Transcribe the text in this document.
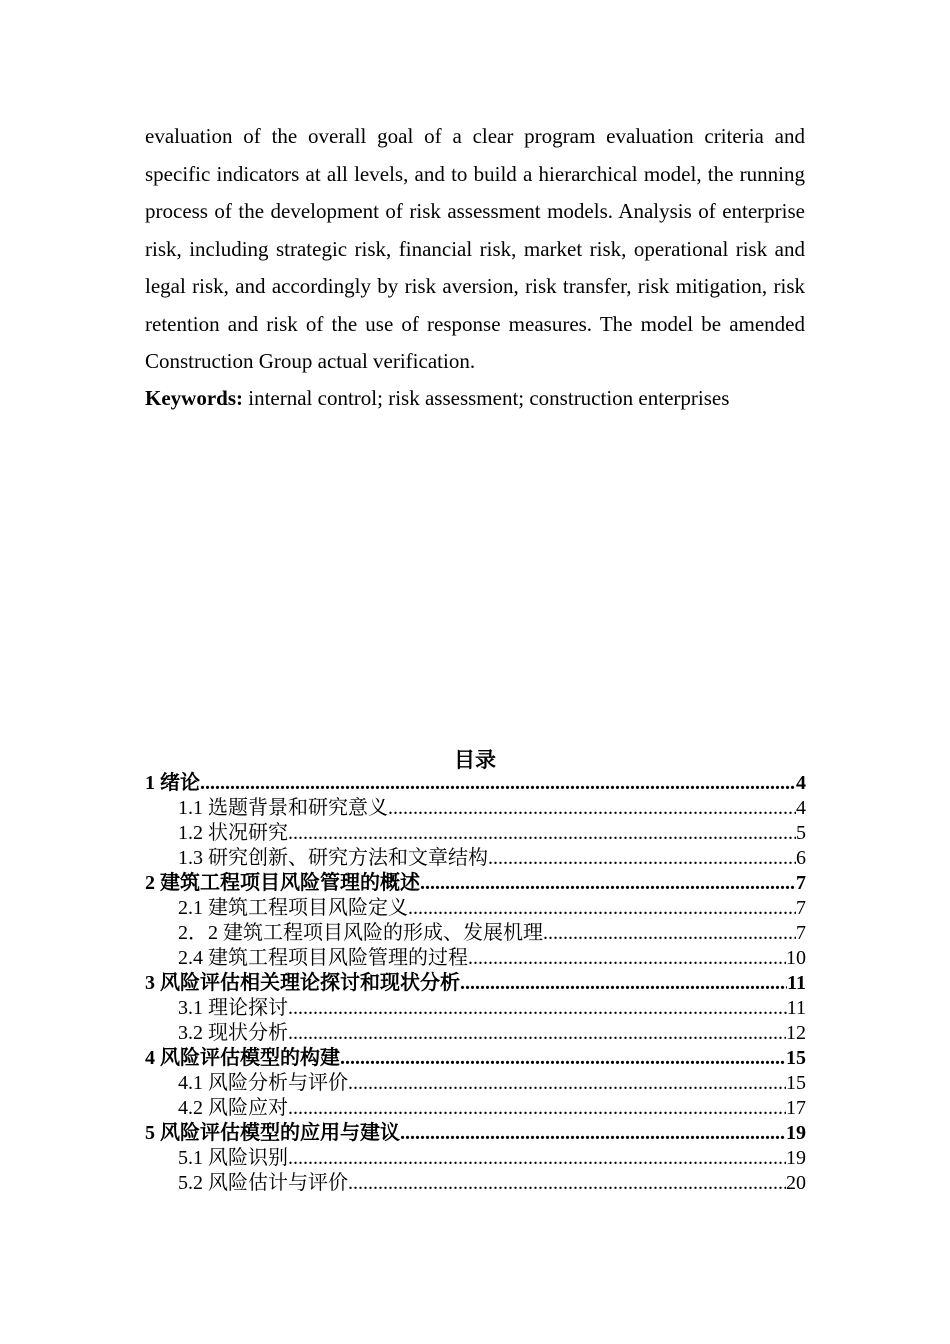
evaluation of the overall goal of a clear program evaluation criteria and specific indicators at all levels, and to build a hierarchical model, the running process of the development of risk assessment models. Analysis of enterprise risk, including strategic risk, financial risk, market risk, operational risk and legal risk, and accordingly by risk aversion, risk transfer, risk mitigation, risk retention and risk of the use of response measures. The model be amended Construction Group actual verification.

Keywords: internal control; risk assessment; construction enterprises
目录
1 绪论 .....	4
1.1 选题背景和研究意义 .....	4
1.2 状况研究 .....	5
1.3 研究创新、研究方法和文章结构 .....	6
2 建筑工程项目风险管理的概述 .....	7
2.1 建筑工程项目风险定义 .....	7
2．2 建筑工程项目风险的形成、发展机理 .....	7
2.4 建筑工程项目风险管理的过程 .....	10
3 风险评估相关理论探讨和现状分析 .....	11
3.1 理论探讨 .....	11
3.2 现状分析 .....	12
4 风险评估模型的构建 .....	15
4.1 风险分析与评价 .....	15
4.2 风险应对 .....	17
5 风险评估模型的应用与建议 .....	19
5.1 风险识别 .....	19
5.2 风险估计与评价 .....	20
